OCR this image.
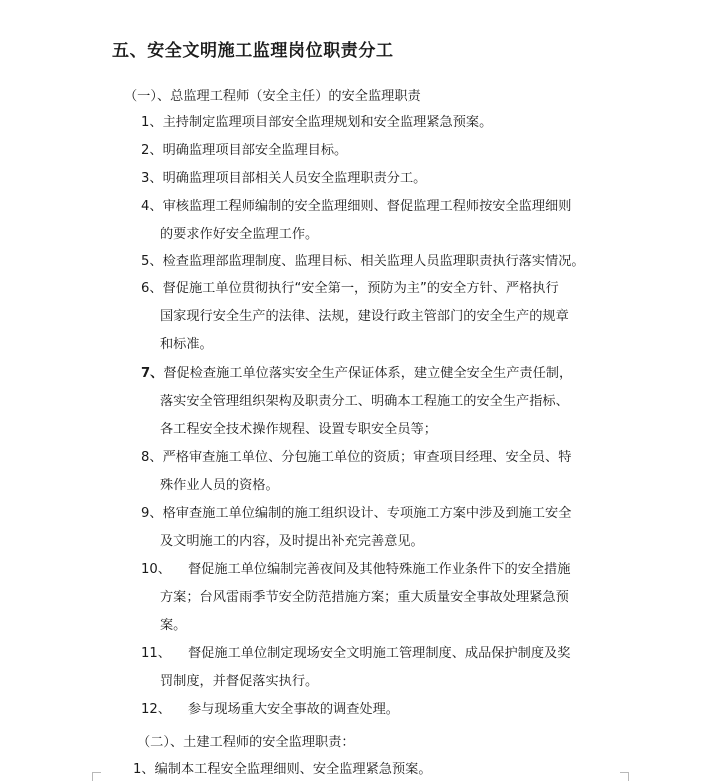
五、安全文明施工监理岗位职责分工
（一）、总监理工程师（安全主任）的安全监理职责
1、主持制定监理项目部安全监理规划和安全监理紧急预案。
2、明确监理项目部安全监理目标。
3、明确监理项目部相关人员安全监理职责分工。
4、审核监理工程师编制的安全监理细则、督促监理工程师按安全监理细则
的要求作好安全监理工作。
5、检查监理部监理制度、监理目标、相关监理人员监理职责执行落实情况。
6、督促施工单位贯彻执行“安全第一，预防为主”的安全方针、严格执行
国家现行安全生产的法律、法规，建设行政主管部门的安全生产的规章
和标准。
7、督促检查施工单位落实安全生产保证体系，建立健全安全生产责任制，
落实安全管理组织架构及职责分工、明确本工程施工的安全生产指标、
各工程安全技术操作规程、设置专职安全员等；
8、严格审查施工单位、分包施工单位的资质；审查项目经理、安全员、特
殊作业人员的资格。
9、格审查施工单位编制的施工组织设计、专项施工方案中涉及到施工安全
及文明施工的内容，及时提出补充完善意见。
10、 督促施工单位编制完善夜间及其他特殊施工作业条件下的安全措施
方案；台风雷雨季节安全防范措施方案；重大质量安全事故处理紧急预
案。
11、 督促施工单位制定现场安全文明施工管理制度、成品保护制度及奖
罚制度，并督促落实执行。
12、 参与现场重大安全事故的调查处理。
（二）、土建工程师的安全监理职责：
1、编制本工程安全监理细则、安全监理紧急预案。
